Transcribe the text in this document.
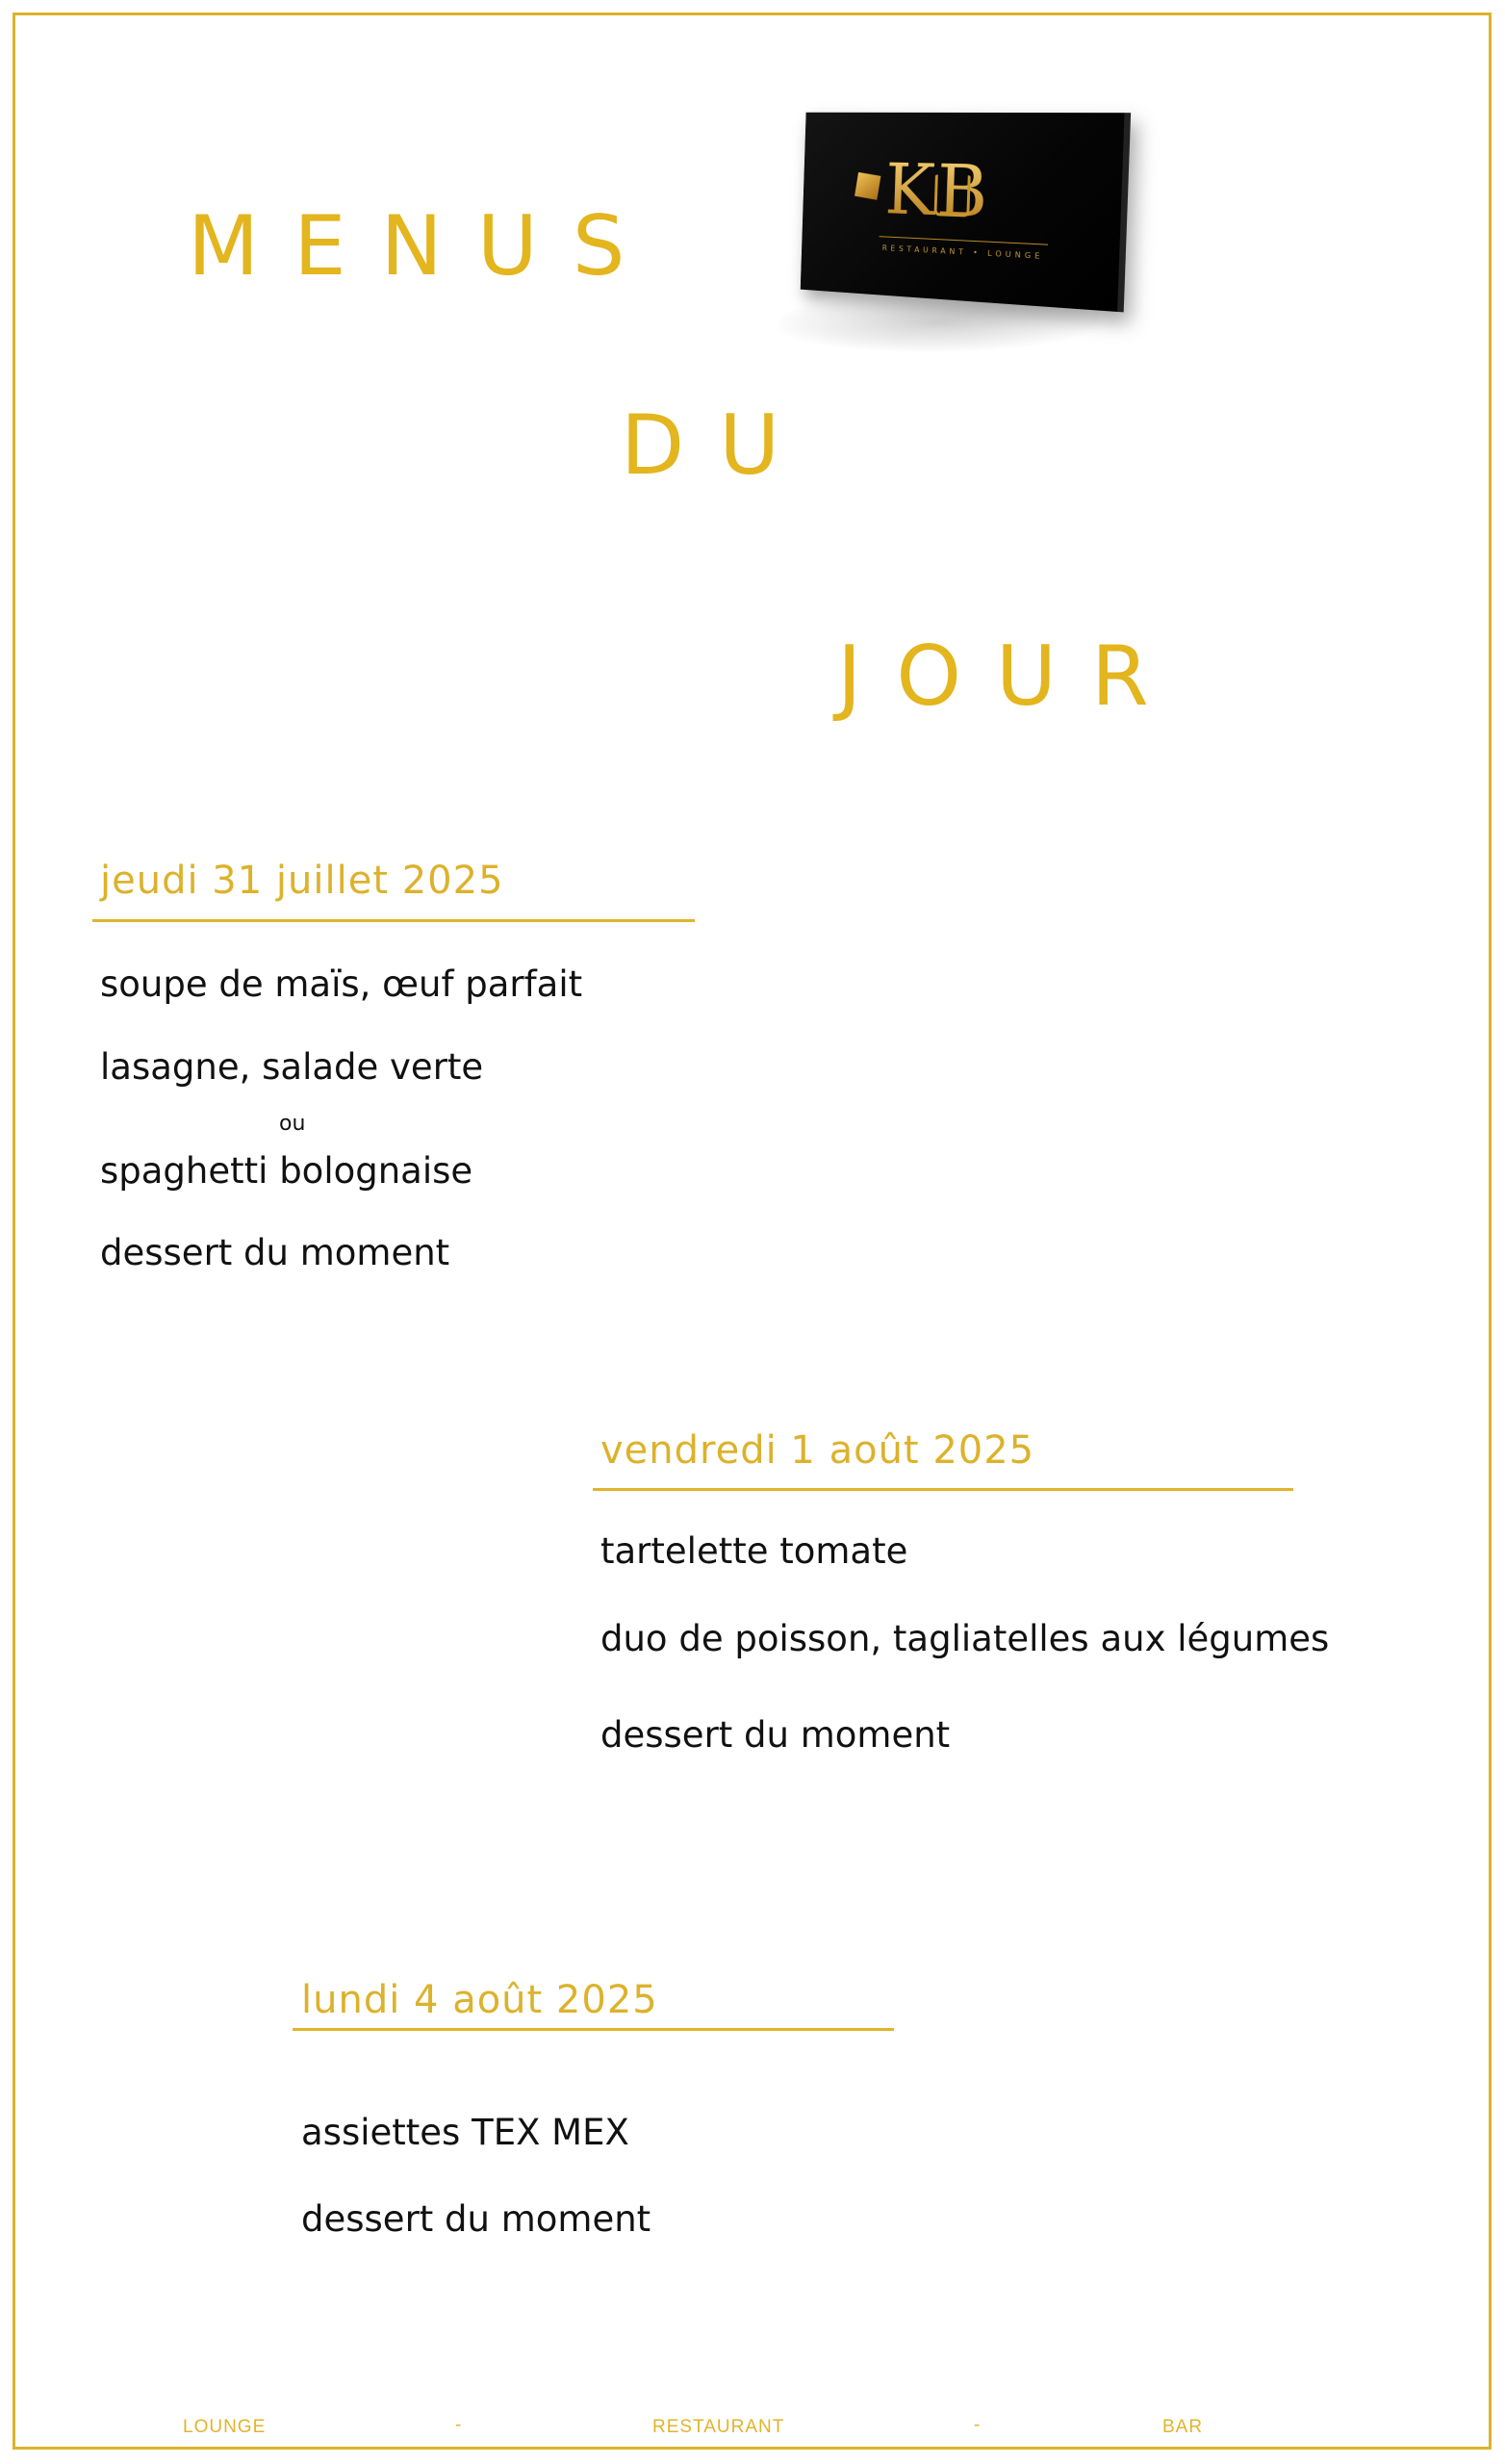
MENUS
DU
JOUR
KB
RESTAURANT • LOUNGE
jeudi 31 juillet 2025
soupe de maïs, œuf parfait
lasagne, salade verte
ou
spaghetti bolognaise
dessert du moment
vendredi 1 août 2025
tartelette tomate
duo de poisson, tagliatelles aux légumes
dessert du moment
lundi 4 août 2025
assiettes TEX MEX
dessert du moment
LOUNGE	-	RESTAURANT	-	BAR
